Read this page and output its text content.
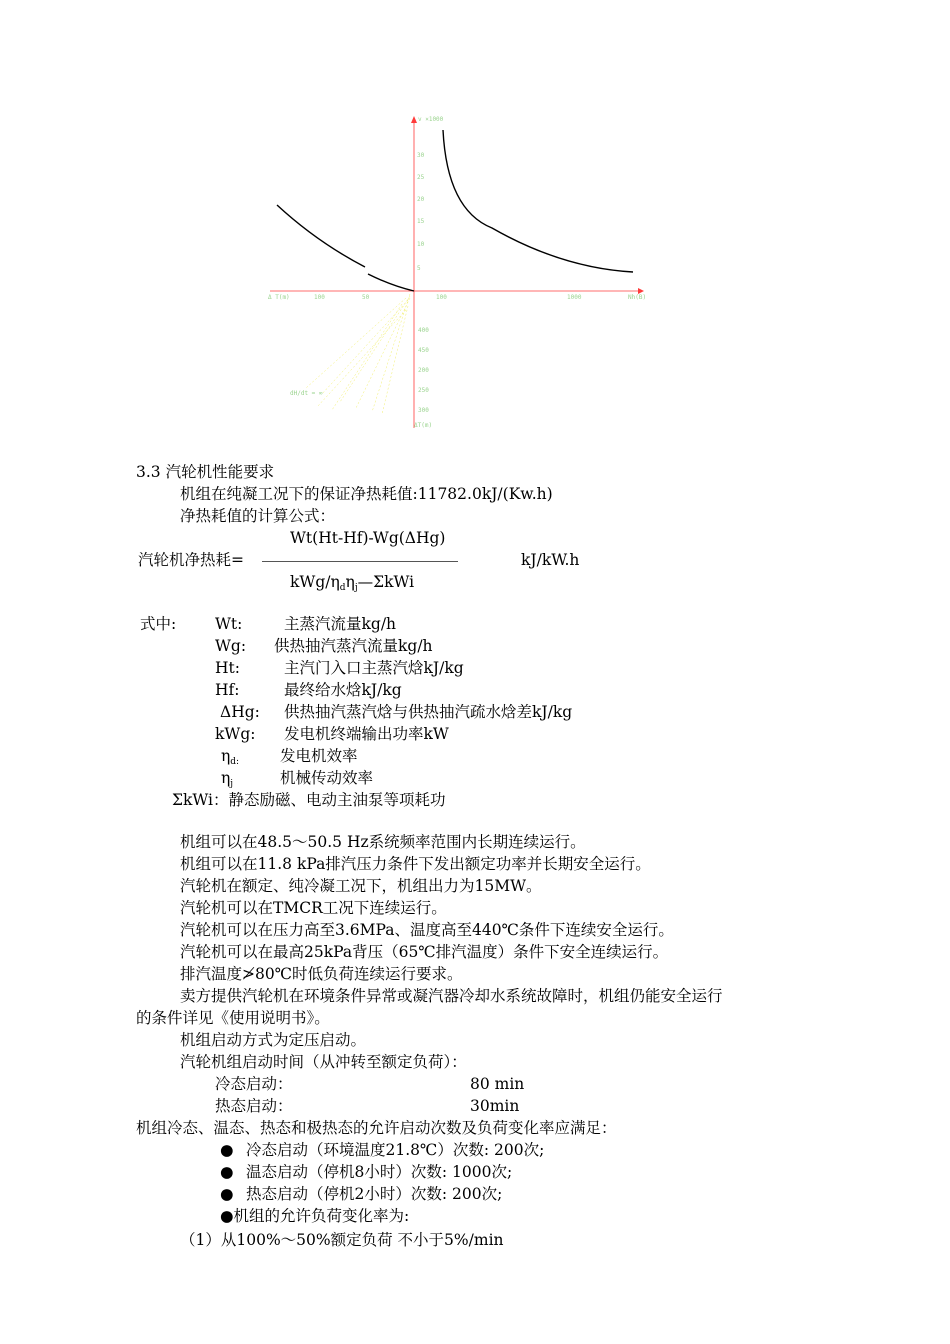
v ×1000
30
25
20
15
10
5
Δ T(m)	100	50	100	1000	Nh(B)
400
450
200
250
300
ΔT(m)
dH/dt = ∞
3.3 汽轮机性能要求
机组在纯凝工况下的保证净热耗值:11782.0kJ/(Kw.h)
净热耗值的计算公式：
Wt(Ht-Hf)-Wg(ΔHg)
汽轮机净热耗=	kJ/kW.h
kWg/ηdηj—ΣkWi
式中:	Wt:	主蒸汽流量kg/h
Wg: 供热抽汽蒸汽流量kg/h
Ht:	主汽门入口主蒸汽焓kJ/kg
Hf:	最终给水焓kJ/kg
ΔHg: 供热抽汽蒸汽焓与供热抽汽疏水焓差kJ/kg
kWg: 发电机终端输出功率kW
ηd:	发电机效率
ηj	机械传动效率
ΣkWi：静态励磁、电动主油泵等项耗功
机组可以在48.5～50.5 Hz系统频率范围内长期连续运行。
机组可以在11.8 kPa排汽压力条件下发出额定功率并长期安全运行。
汽轮机在额定、纯冷凝工况下，机组出力为15MW。
汽轮机可以在TMCR工况下连续运行。
汽轮机可以在压力高至3.6MPa、温度高至440℃条件下连续安全运行。
汽轮机可以在最高25kPa背压（65℃排汽温度）条件下安全连续运行。
排汽温度≯80℃时低负荷连续运行要求。
卖方提供汽轮机在环境条件异常或凝汽器冷却水系统故障时，机组仍能安全运行
的条件详见《使用说明书》。
机组启动方式为定压启动。
汽轮机组启动时间（从冲转至额定负荷）：
冷态启动：	80 min
热态启动：	30min
机组冷态、温态、热态和极热态的允许启动次数及负荷变化率应满足：
● 冷态启动（环境温度21.8℃）次数: 200次;
● 温态启动（停机8小时）次数: 1000次;
● 热态启动（停机2小时）次数: 200次;
●机组的允许负荷变化率为:
（1）从100%～50%额定负荷 不小于5%/min
